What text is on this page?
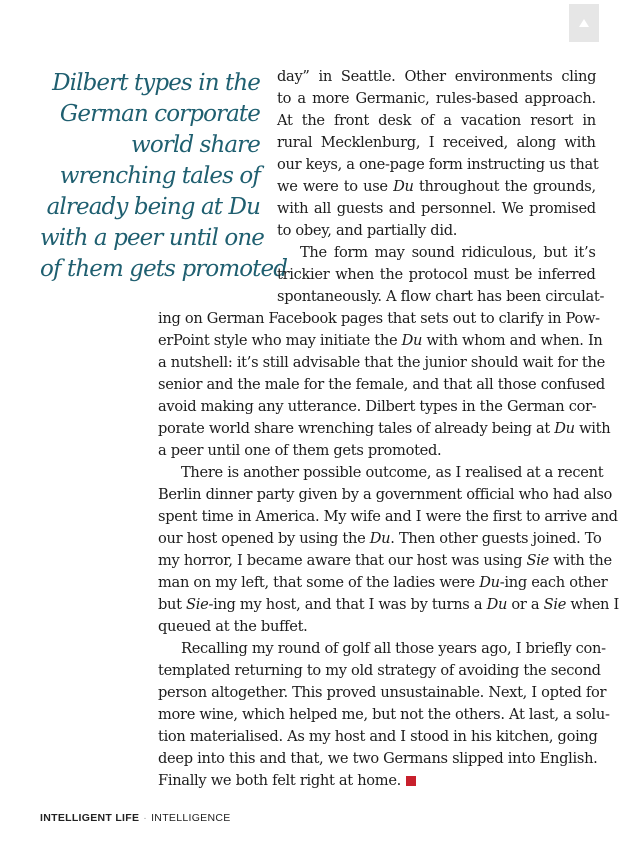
Dilbert types in the
German corporate
world share
wrenching tales of
already being at Du
with a peer until one
of them gets promoted
day” in Seattle. Other environments cling
to a more Germanic, rules-based approach.
At the front desk of a vacation resort in
rural Mecklenburg, I received, along with
our keys, a one-page form instructing us that
we were to use Du throughout the grounds,
with all guests and personnel. We promised
to obey, and partially did.
The form may sound ridiculous, but it’s
trickier when the protocol must be inferred
spontaneously. A flow chart has been circulat-
ing on German Facebook pages that sets out to clarify in Pow-
erPoint style who may initiate the Du with whom and when. In
a nutshell: it’s still advisable that the junior should wait for the
senior and the male for the female, and that all those confused
avoid making any utterance. Dilbert types in the German cor-
porate world share wrenching tales of already being at Du with
a peer until one of them gets promoted.
There is another possible outcome, as I realised at a recent
Berlin dinner party given by a government official who had also
spent time in America. My wife and I were the first to arrive and
our host opened by using the Du. Then other guests joined. To
my horror, I became aware that our host was using Sie with the
man on my left, that some of the ladies were Du-ing each other
but Sie-ing my host, and that I was by turns a Du or a Sie when I
queued at the buffet.
Recalling my round of golf all those years ago, I briefly con-
templated returning to my old strategy of avoiding the second
person altogether. This proved unsustainable. Next, I opted for
more wine, which helped me, but not the others. At last, a solu-
tion materialised. As my host and I stood in his kitchen, going
deep into this and that, we two Germans slipped into English.
Finally we both felt right at home.
INTELLIGENT LIFE · INTELLIGENCE
